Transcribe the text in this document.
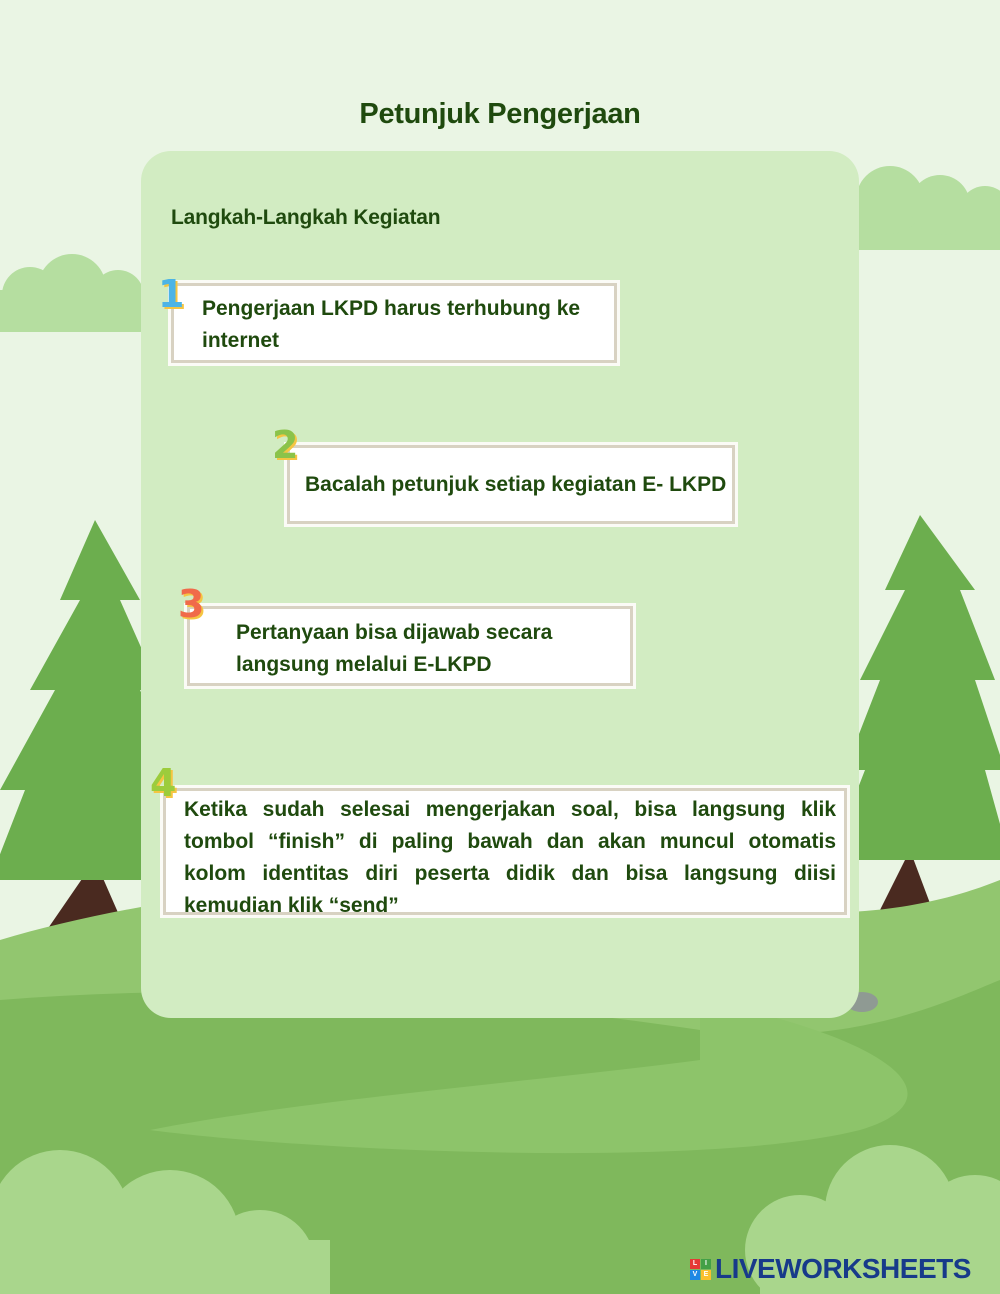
Petunjuk Pengerjaan
Langkah-Langkah Kegiatan
Pengerjaan LKPD harus terhubung ke internet
1
Bacalah petunjuk setiap kegiatan E- LKPD
2
Pertanyaan bisa dijawab secara langsung melalui E-LKPD
3
Ketika sudah selesai mengerjakan soal, bisa langsung klik tombol “finish” di paling bawah dan akan muncul otomatis kolom identitas diri peserta didik dan bisa langsung diisi kemudian klik “send”
4
L	I
V E LIVEWORKSHEETS
